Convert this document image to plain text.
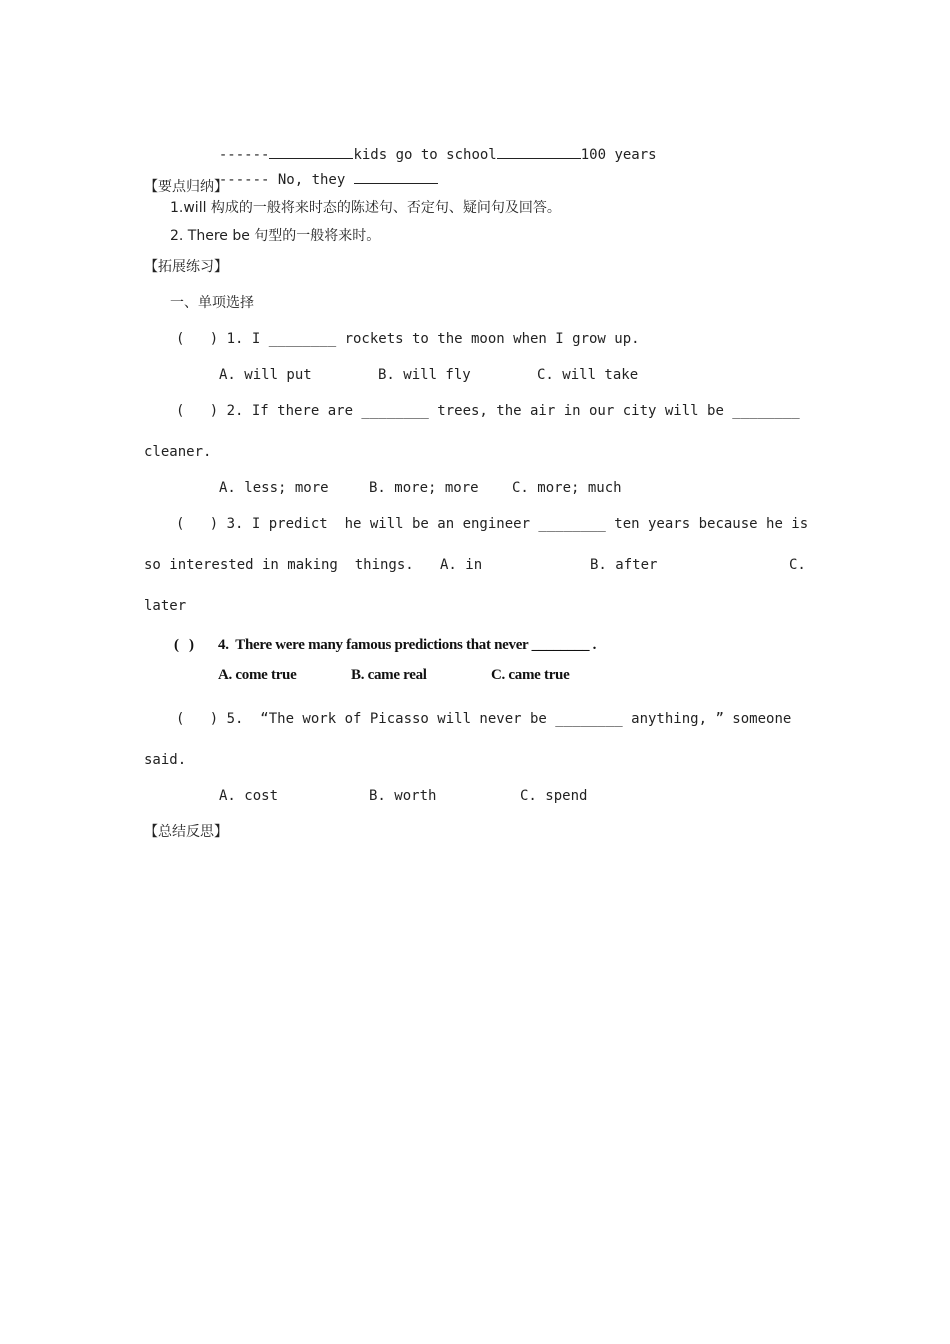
------	kids go to school	100 years

------ No, they

【要点归纳】
1.will 构成的一般将来时态的陈述句、否定句、疑问句及回答。
2. There be 句型的一般将来时。
【拓展练习】
一、单项选择
(   ) 1. I ________ rockets to the moon when I grow up.
A. will put	B. will fly	C. will take
(   ) 2. If there are ________ trees, the air in our city will be ________
cleaner.
A. less; more	B. more; more C. more; much
(   ) 3. I predict  he will be an engineer ________ ten years because he is
so interested in making  things. A. in	B. after	C.
later
(   ) 4.  There were many famous predictions that never ________ .
A. come true	B. came real	C. came true
(   ) 5.  “The work of Picasso will never be ________ anything, ” someone
said.
A. cost	B. worth	C. spend
【总结反思】
